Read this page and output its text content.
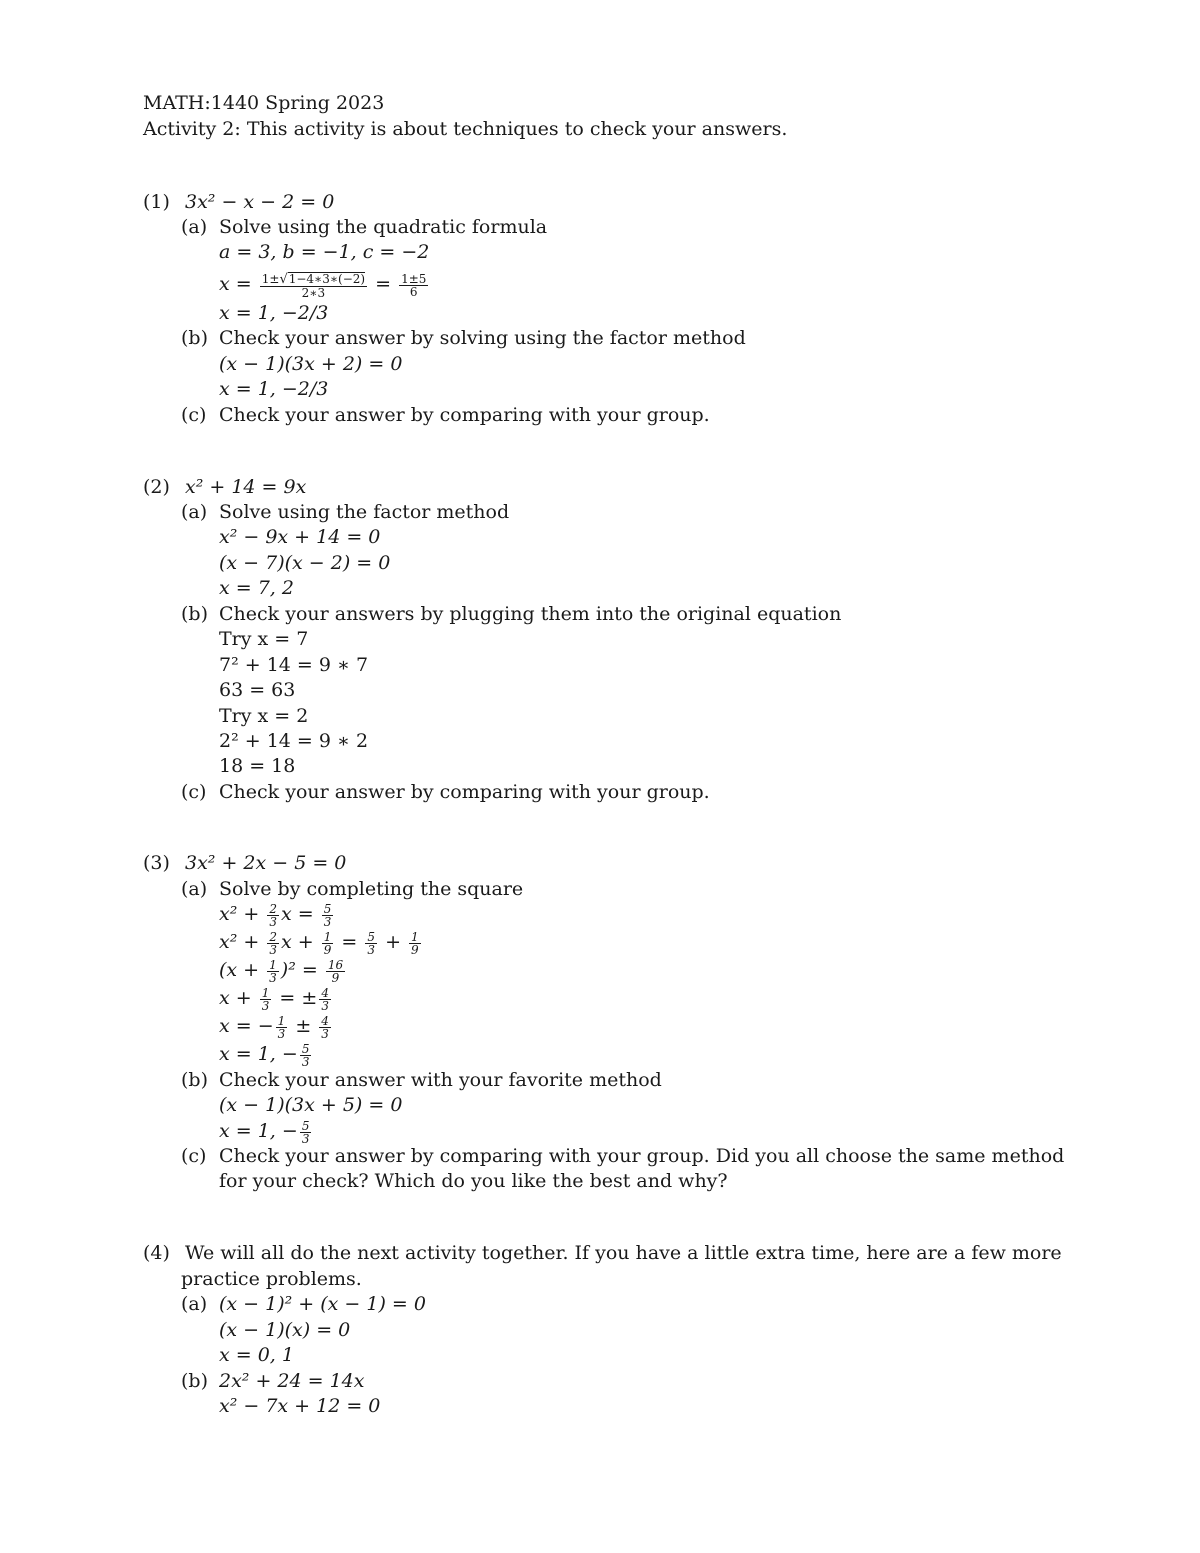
MATH:1440 Spring 2023
Activity 2: This activity is about techniques to check your answers.
(1) 3x² − x − 2 = 0
(a) Solve using the quadratic formula
a = 3, b = −1, c = −2
$x = \frac{1\pm√1-4∗3∗(-2)}{2∗3} = \frac{1\pm 5}{6}$
x = 1, −2/3
(b) Check your answer by solving using the factor method
(x − 1)(3x + 2) = 0
x = 1, −2/3
(c) Check your answer by comparing with your group.
(2) x² + 14 = 9x
(a) Solve using the factor method
x² − 9x + 14 = 0
(x − 7)(x − 2) = 0
x = 7, 2
(b) Check your answers by plugging them into the original equation
Try x = 7
7² + 14 = 9 ∗ 7
63 = 63
Try x = 2
2² + 14 = 9 ∗ 2
18 = 18
(c) Check your answer by comparing with your group.
(3) 3x² + 2x − 5 = 0
(a) Solve by completing the square
$x^2 + \frac{2}{3}$ $x = \frac{5}{3}$
$x^2 + \frac{2}{3}$ $x + \frac{1}{9} = \frac{5}{3} + \frac{1}{9}$
$(x + \frac{1}{3} )^2 = \frac{16}{9}$
$x + \frac{1}{3}$ = ± $\frac{4}{3}$
x = − $\frac{1}{3} \pm \frac{4}{3}$
x = 1, − $\frac{5}{3}$
(b) Check your answer with your favorite method
(x − 1)(3x + 5) = 0
x = 1, − $\frac{5}{3}$
(c) Check your answer by comparing with your group. Did you all choose the same method
for your check? Which do you like the best and why?
(4) We will all do the next activity together. If you have a little extra time, here are a few more
practice problems.
(a) (x − 1)² + (x − 1) = 0
(x − 1)(x) = 0
x = 0, 1
(b) 2x² + 24 = 14x
x² − 7x + 12 = 0
